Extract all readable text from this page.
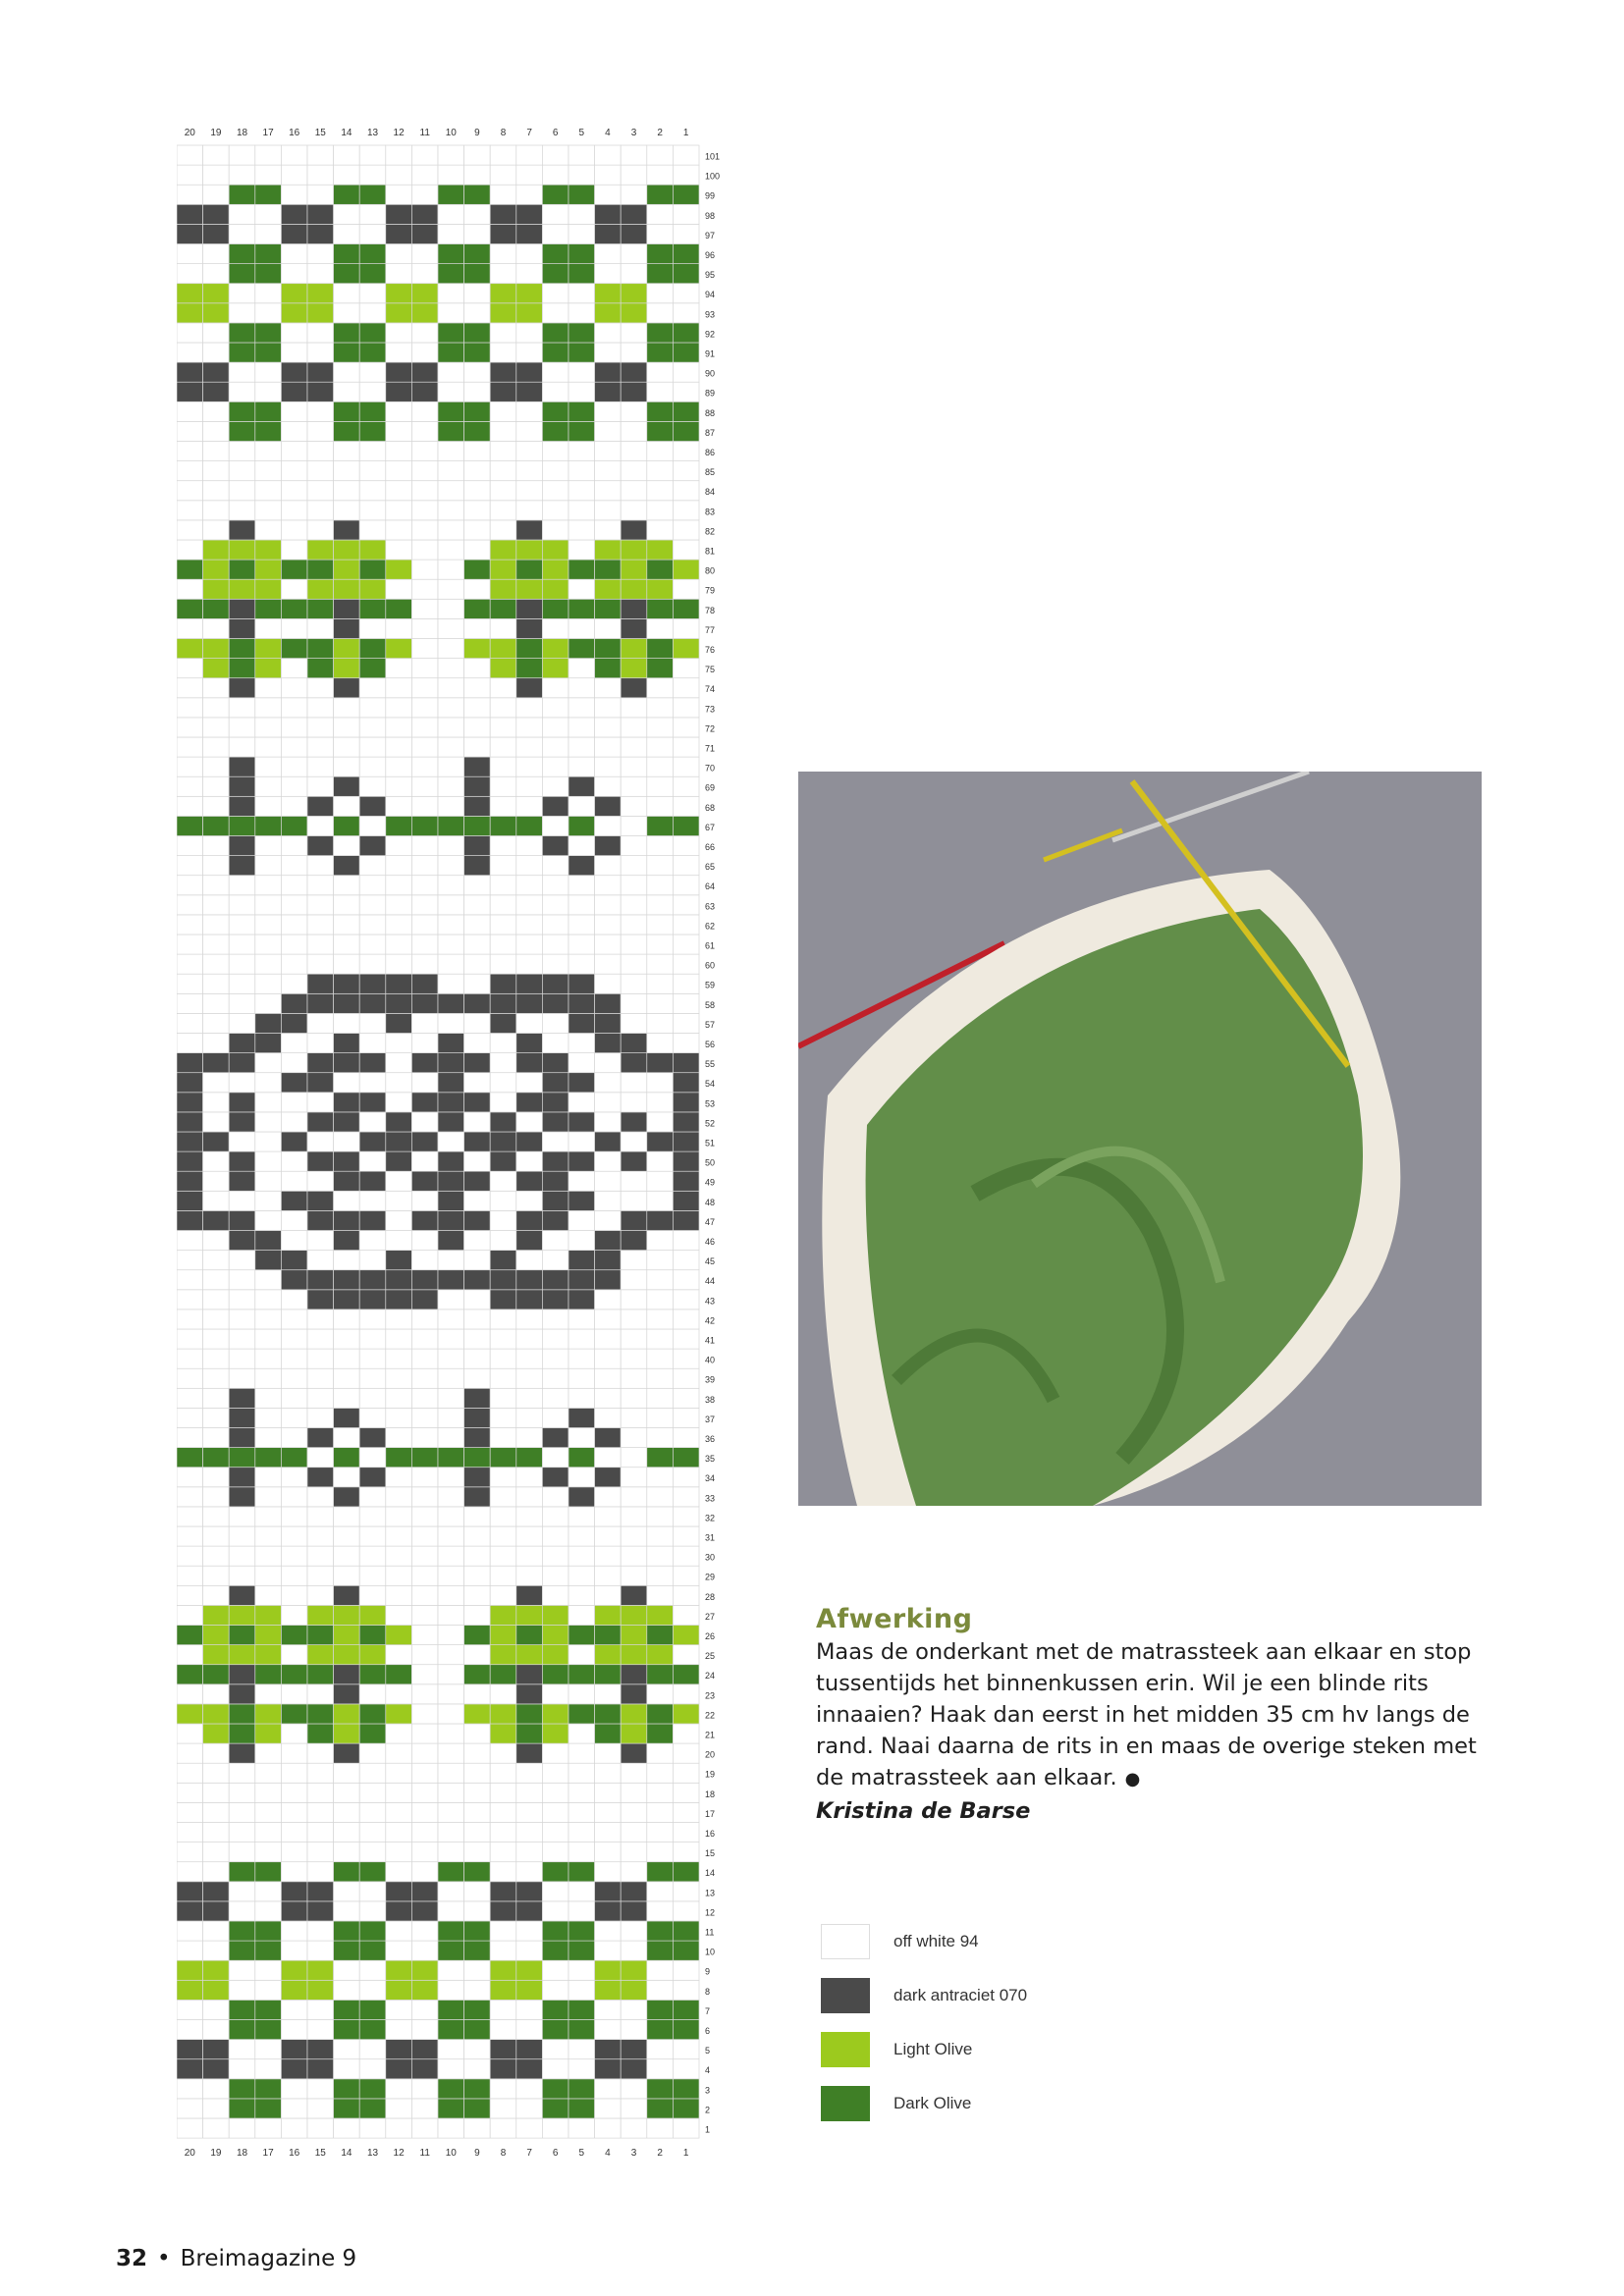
20 19 18 17 16 15 14 13 12 11 10 9 8 7 6 5 4 3 2 1
1
2
3
4
5
6
7
8
9
10
11
12
13
14
15
16
17
18
19
20
21
22
23
24
25
26
27
28
29
30
31
32
33
34
35
36
37
38
39
40
41
42
43
44
45
46
47
48
49
50
51
52
53
54
55
56
57
58
59
60
61
62
63
64
65
66
67
68
69
70
71
72
73
74
75
76
77
78
79
80
81
82
83
84
85
86
87
88
89
90
91
92
93
94
95
96
97
98
99
100
101
20 19 18 17 16 15 14 13 12 11 10 9 8 7 6 5 4 3 2 1
Afwerking

Maas de onderkant met de matrassteek aan elkaar en stop tussentijds het binnenkussen erin. Wil je een blinde rits innaaien? Haak dan eerst in het midden 35 cm hv langs de rand. Naai daarna de rits in en maas de overige steken met de matrassteek aan elkaar. ●

Kristina de Barse
off white 94
dark antraciet 070
Light Olive
Dark Olive
32 • Breimagazine 9
